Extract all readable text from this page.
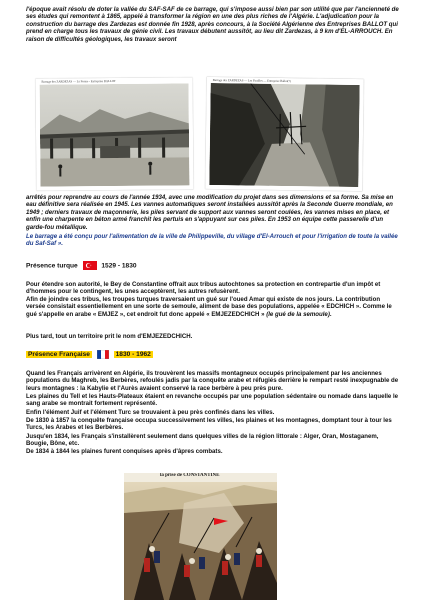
l'époque avait résolu de doter la vallée du SAF-SAF de ce barrage, qui s'impose aussi bien par son utilité que par l'ancienneté de ses études qui remontent à 1865, appelé à transformer la région en une des plus riches de l'Algérie. L'adjudication pour la construction du barrage des Zardezas est donnée fin 1928, après concours, à la Société Algérienne des Entreprises BALLOT qui prend en charge tous les travaux de génie civil. Les travaux débutent aussitôt, au lieu dit Zardezas, à 9 km d'EL-ARROUCH. En raison de difficultés géologiques, les travaux seront

Barrage des ZARDEZAS — La Ferme - Entreprise BALLOT	Barrage des ZARDEZAS — Les Fouilles — Entreprise Ballot(?)

arrêtés pour reprendre au cours de l'année 1934, avec une modification du projet dans ses dimensions et sa forme. Sa mise en eau définitive sera réalisée en 1945. Les vannes automatiques seront installées aussitôt après la Seconde Guerre mondiale, en 1949 ; derniers travaux de maçonnerie, les piles servant de support aux vannes seront coulées, les vannes mises en place, et enfin une charpente en béton armé franchit les pertuis en s'appuyant sur ces piles. En 1953 on équipe cette passerelle d'un garde-fou métallique.

Le barrage a été conçu pour l'alimentation de la ville de Philippeville, du village d'El-Arrouch et pour l'irrigation de toute la vallée du Saf-Saf ».

Présence turque	1529 - 1830

Pour étendre son autorité, le Bey de Constantine offrait aux tribus autochtones sa protection en contrepartie d'un impôt et d'hommes pour le contingent, les unes acceptèrent, les autres refusèrent.

Afin de joindre ces tribus, les troupes turques traversaient un gué sur l'oued Amar qui existe de nos jours. La contribution versée consistait essentiellement en une sorte de semoule, aliment de base des populations, appelée « EDCHICH ». Comme le gué s'appelle en arabe « EMJEZ », cet endroit fut donc appelé « EMJEZEDCHICH » (le gué de la semoule).

Plus tard, tout un territoire prit le nom d'EMJEZEDCHICH.

Présence Française	1830 - 1962

Quand les Français arrivèrent en Algérie, ils trouvèrent les massifs montagneux occupés principalement par les anciennes populations du Maghreb, les Berbères, refoulés jadis par la conquête arabe et réfugiés derrière le rempart resté inexpugnable de leurs montagnes : la Kabylie et l'Aurès avaient conservé la race berbère à peu près pure.

Les plaines du Tell et les Hauts-Plateaux étaient en revanche occupés par une population sédentaire ou nomade dans laquelle le sang arabe se montrait fortement représenté.

Enfin l'élément Juif et l'élément Turc se trouvaient à peu près confinés dans les villes.

De 1830 à 1857 la conquête française occupa successivement les villes, les plaines et les montagnes, domptant tour à tour les Turcs, les Arabes et les Berbères.

Jusqu'en 1834, les Français s'installèrent seulement dans quelques villes de la région littorale : Alger, Oran, Mostaganem, Bougie, Bône, etc.

De 1834 à 1844 les plaines furent conquises après d'âpres combats.

la prise de CONSTANTINE
